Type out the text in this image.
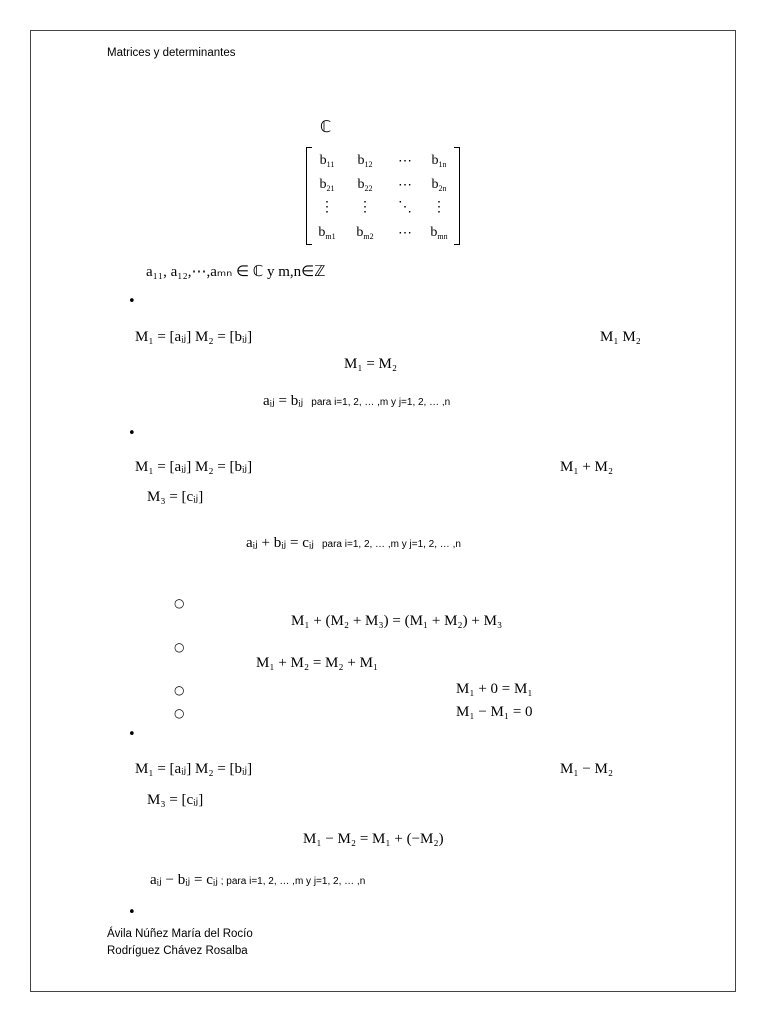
Matrices y determinantes
ℂ
$b_{11}$	$b_{12}$	⋯	$b_{1n}$
$b_{21}$	$b_{22}$	⋯	$b_{2n}$
⋮	⋮	⋱	⋮
$b_{m1}$	$b_{m2}$	⋯	$b_{mn}$
a₁₁, a₁₂,⋯,aₘₙ ∈ ℂ y m,n∈ℤ
•
M₁ = [aᵢⱼ] M₂ = [bᵢⱼ]	M₁ M₂
M₁ = M₂
aᵢⱼ = bᵢⱼ para i=1, 2, … ,m y j=1, 2, … ,n
•
M₁ = [aᵢⱼ] M₂ = [bᵢⱼ]	M₁ + M₂
M₃ = [cᵢⱼ]
aᵢⱼ + bᵢⱼ = cᵢⱼ para i=1, 2, … ,m y j=1, 2, … ,n
○
M₁ + (M₂ + M₃) = (M₁ + M₂) + M₃
○
M₁ + M₂ = M₂ + M₁
○	M₁ + 0 = M₁
○	M₁ − M₁ = 0
•
M₁ = [aᵢⱼ] M₂ = [bᵢⱼ]	M₁ − M₂
M₃ = [cᵢⱼ]
M₁ − M₂ = M₁ + (−M₂)
aᵢⱼ − bᵢⱼ = cᵢⱼ ; para i=1, 2, … ,m y j=1, 2, … ,n
•
Ávila Núñez María del Rocío
Rodríguez Chávez Rosalba
